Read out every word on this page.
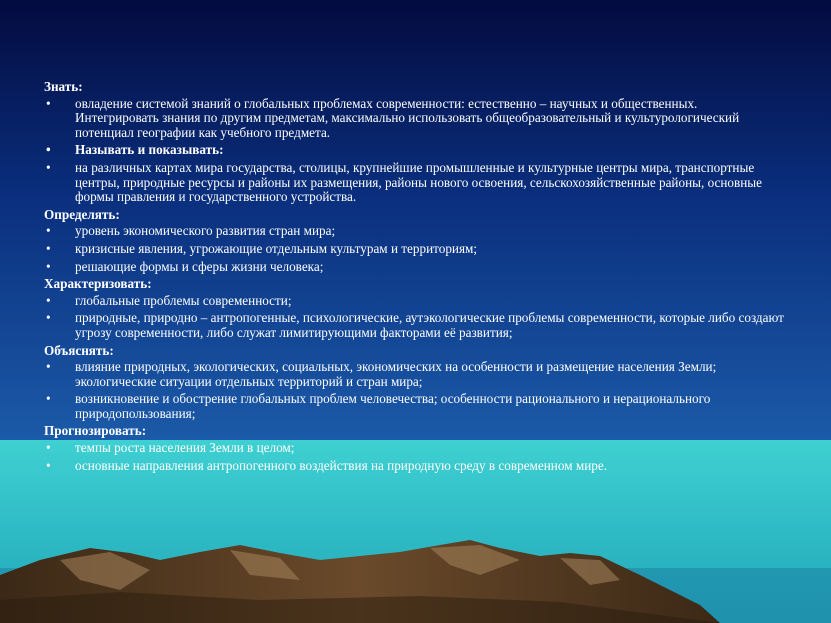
Знать:
• овладение системой знаний о глобальных проблемах современности: естественно – научных и общественных. Интегрировать знания по другим предметам, максимально использовать общеобразовательный и культурологический потенциал географии как учебного предмета.
• Называть и показывать:
• на различных картах мира государства, столицы, крупнейшие промышленные и культурные центры мира, транспортные центры, природные ресурсы и районы их размещения, районы нового освоения, сельскохозяйственные районы, основные формы правления и государственного устройства.
Определять:
• уровень экономического развития стран мира;
• кризисные явления, угрожающие отдельным культурам и территориям;
• решающие формы и сферы жизни человека;
Характеризовать:
• глобальные проблемы современности;
• природные, природно – антропогенные, психологические, аутэкологические проблемы современности, которые либо создают угрозу современности, либо служат лимитирующими факторами её развития;
Объяснять:
• влияние природных, экологических, социальных, экономических на особенности и размещение населения Земли; экологические ситуации отдельных территорий и стран мира;
• возникновение и обострение глобальных проблем человечества; особенности рационального и нерационального природопользования;
Прогнозировать:
• темпы роста населения Земли в целом;
• основные направления антропогенного воздействия на природную среду в современном мире.
